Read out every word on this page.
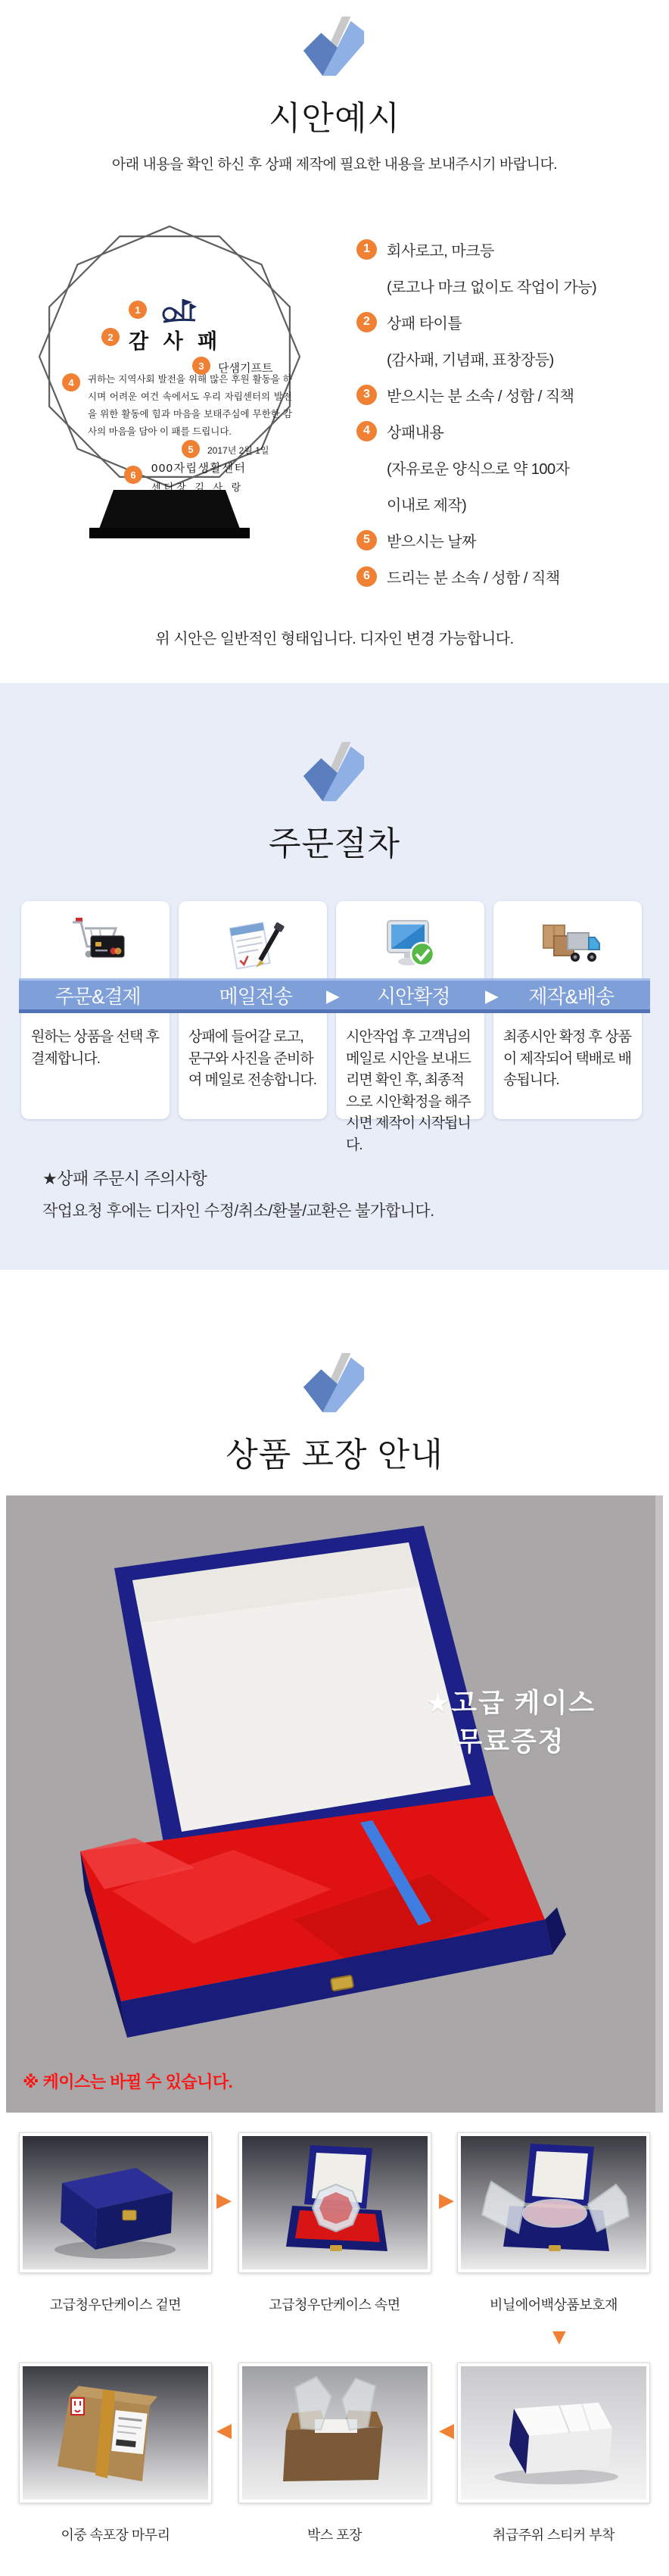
시안예시
아래 내용을 확인 하신 후 상패 제작에 필요한 내용을 보내주시기 바랍니다.
1
2 감 사 패
3	단샘기프트
4	귀하는 지역사회 발전을 위해 많은 후원 활동을 하시며 어려운 여건 속에서도 우리 자립센터의 발전을 위한 활동에 힘과 마음을 보태주심에 무한한 감사의 마음을 담아 이 패를 드립니다.
5	2017년 2월 1일
6	000자립생활센터
센터장 김 사 랑
1	회사로고, 마크등
(로고나 마크 없이도 작업이 가능)
2	상패 타이틀
(감사패, 기념패, 표창장등)
3	받으시는 분 소속 / 성함 / 직책
4	상패내용
(자유로운 양식으로 약 100자
이내로 제작)
5	받으시는 날짜
6	드리는 분 소속 / 성함 / 직책
위 시안은 일반적인 형태입니다. 디자인 변경 가능합니다.
주문절차
원하는 상품을 선택 후 결제합니다.
상패에 들어갈 로고, 문구와 사진을 준비하여 메일로 전송합니다.
시안작업 후 고객님의 메일로 시안을 보내드리면 확인 후, 최종적으로 시안확정을 해주시면 제작이 시작됩니다.
최종시안 확정 후 상품이 제작되어 택배로 배송됩니다.
주문&결제	메일전송	시안확정	제작&배송
▶	▶
★상패 주문시 주의사항
작업요청 후에는 디자인 수정/취소/환불/교환은 불가합니다.
상품 포장 안내
★고급 케이스
무료증정
※ 케이스는 바뀔 수 있습니다.
▶	▶
고급청우단케이스 겉면	고급청우단케이스 속면	비닐에어백상품보호재
▼
◀	◀
이중 속포장 마무리	박스 포장	취급주위 스티커 부착
